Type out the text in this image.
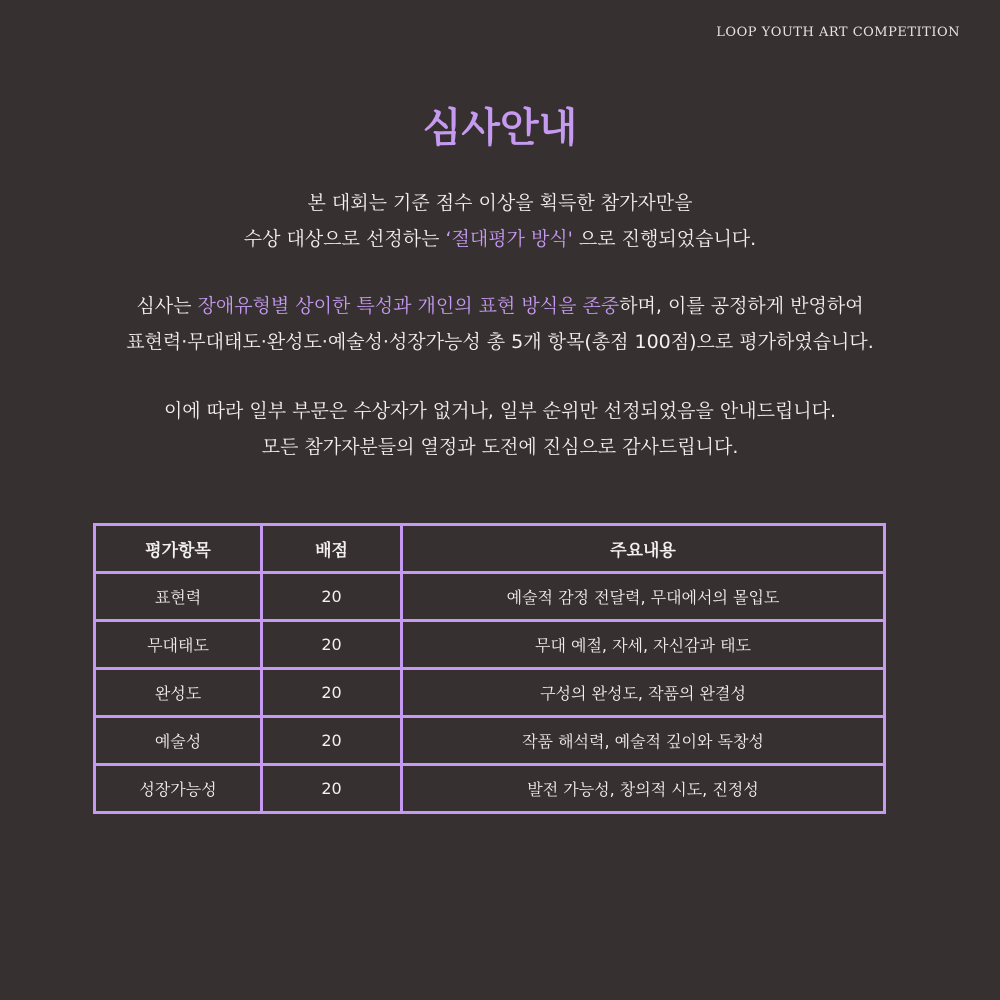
LOOP YOUTH ART COMPETITION
심사안내
본 대회는 기준 점수 이상을 획득한 참가자만을
수상 대상으로 선정하는 ‘절대평가 방식' 으로 진행되었습니다.
심사는 장애유형별 상이한 특성과 개인의 표현 방식을 존중하며, 이를 공정하게 반영하여
표현력·무대태도·완성도·예술성·성장가능성 총 5개 항목(총점 100점)으로 평가하였습니다.
이에 따라 일부 부문은 수상자가 없거나, 일부 순위만 선정되었음을 안내드립니다.
모든 참가자분들의 열정과 도전에 진심으로 감사드립니다.
평가항목	배점	주요내용
표현력	20	예술적 감정 전달력, 무대에서의 몰입도
무대태도	20	무대 예절, 자세, 자신감과 태도
완성도	20	구성의 완성도, 작품의 완결성
예술성	20	작품 해석력, 예술적 깊이와 독창성
성장가능성	20	발전 가능성, 창의적 시도, 진정성
